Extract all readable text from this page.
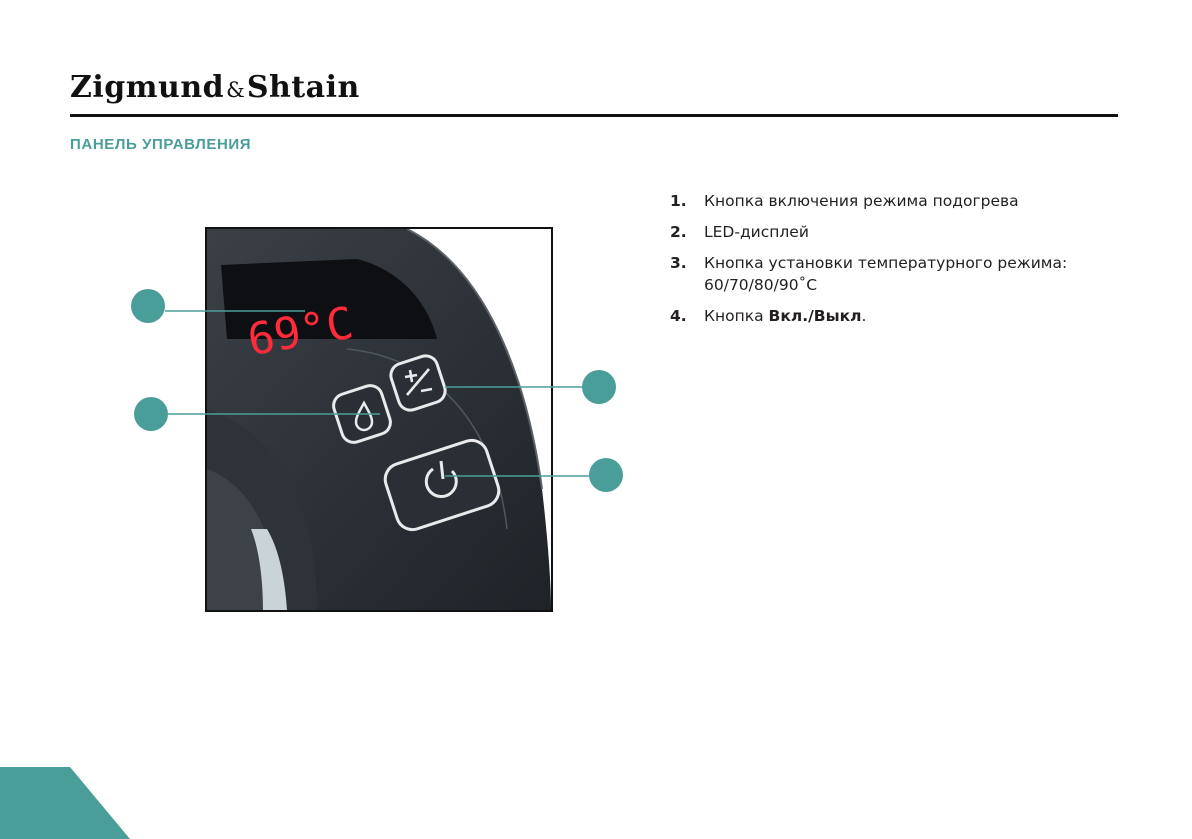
Zigmund & Shtain
ПАНЕЛЬ УПРАВЛЕНИЯ
69°C
1. Кнопка включения режима подогрева
2. LED-дисплей
3. Кнопка установки температурного режима:
60/70/80/90˚С
4. Кнопка Вкл./Выкл.
